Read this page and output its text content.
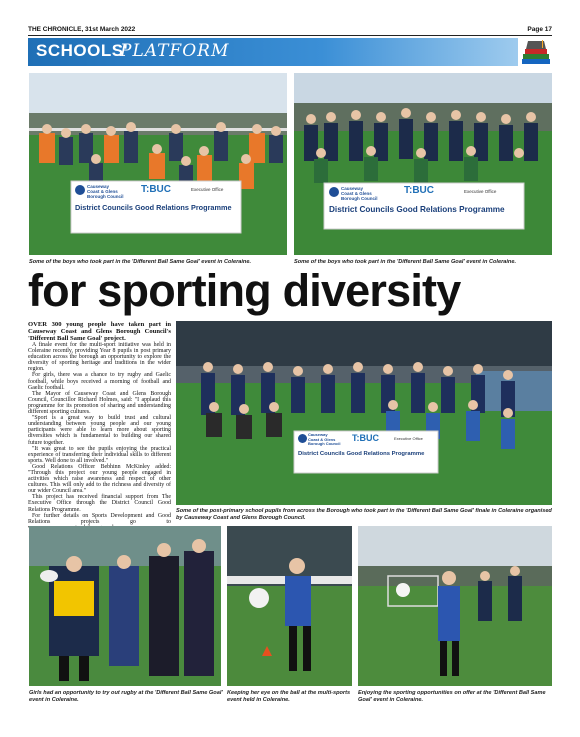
THE CHRONICLE, 31st March 2022	Page 17
SCHOOLS'
PLATFORM
Causeway
Coast & Glens
Borough Council
T:BUC	Executive Office
District Councils Good Relations Programme
Some of the boys who took part in the 'Different Ball Same Goal' event in Coleraine.
Causeway
Coast & Glens
Borough Council
T:BUC	Executive Office
District Councils Good Relations Programme
Some of the boys who took part in the 'Different Ball Same Goal' event in Coleraine.
for sporting diversity

OVER 300 young people have taken part in Causeway Coast and Glens Borough Council's 'Different Ball Same Goal' project.

A finale event for the multi-sport initiative was held in Coleraine recently, providing Year 8 pupils in post primary education across the borough an opportunity to explore the diversity of sporting heritage and traditions in the wider region.

For girls, there was a chance to try rugby and Gaelic football, while boys received a morning of football and Gaelic football.

The Mayor of Causeway Coast and Glens Borough Council, Councillor Richard Holmes, said: "I applaud this programme for its promotion of sharing and understanding different sporting cultures.

"Sport is a great way to build trust and cultural understanding between young people and our young participants were able to learn more about sporting diversities which is fundamental to building our shared future together.

"It was great to see the pupils enjoying the practical experience of transferring their individual skills to different sports. Well done to all involved."

Good Relations Officer Bebhinn McKinley added: "Through this project our young people engaged in activities which raise awareness and respect of other cultures. This will only add to the richness and diversity of our wider Council area."

This project has received financial support from The Executive Office through the District Council Good Relations Programme.

For further details on Sports Development and Good Relations projects go to

Causeway
Coast & Glens
Borough Council
T:BUC	Executive Office
District Councils Good Relations Programme
Some of the post-primary school pupils from across the Borough who took part in the 'Different Ball Same Goal' finale in Coleraine organised by Causeway Coast and Glens Borough Council.
Girls had an opportunity to try out rugby at the 'Different Ball Same Goal' event in Coleraine.
Keeping her eye on the ball at the multi-sports event held in Coleraine.
Enjoying the sporting opportunities on offer at the 'Different Ball Same Goal' event in Coleraine.
